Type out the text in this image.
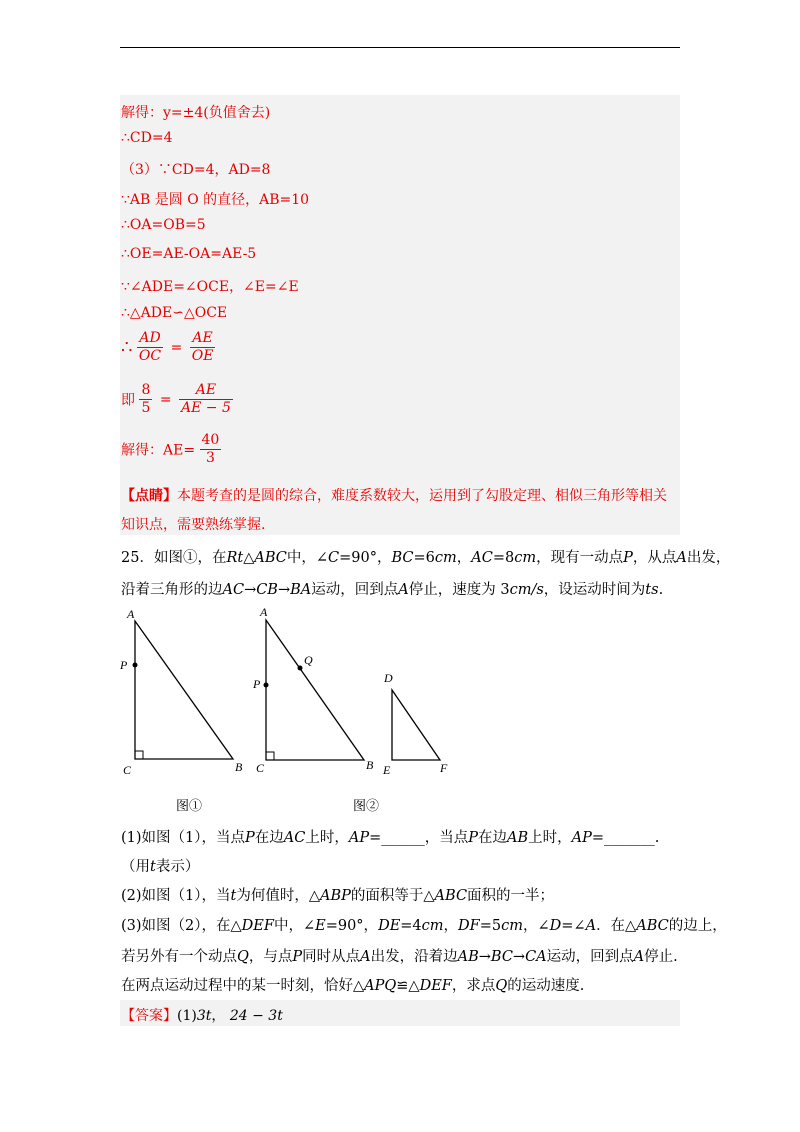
解得：y=±4(负值舍去)
∴CD=4
（3）∵CD=4，AD=8
∵AB 是圆 O 的直径，AB=10
∴OA=OB=5
∴OE=AE-OA=AE-5
∵∠ADE=∠OCE，∠E=∠E
∴△ADE∽△OCE
∴ $\frac{AD}{OC} = \frac{AE}{OE}$
即 $\frac{8}{5} = \frac{AE}{AE - 5}$
解得：$AE= \frac{40}{3}$
【点睛】本题考查的是圆的综合，难度系数较大，运用到了勾股定理、相似三角形等相关
知识点，需要熟练掌握.
25．如图①，在Rt△ABC中，∠C=90°，BC=6cm，AC=8cm，现有一动点P，从点A出发，
沿着三角形的边AC→CB→BA运动，回到点A停止，速度为 3cm/s，设运动时间为ts.
A
P
C	B
A
P
Q
C	B
D
E	F
图①	图②
(1)如图（1），当点P在边AC上时，AP=______，当点P在边AB上时，AP=_______.
（用t表示）
(2)如图（1），当t为何值时，△ABP的面积等于△ABC面积的一半；
(3)如图（2），在△DEF中，∠E=90°，DE=4cm，DF=5cm，∠D=∠A．在△ABC的边上，
若另外有一个动点Q，与点P同时从点A出发，沿着边AB→BC→CA运动，回到点A停止.
在两点运动过程中的某一时刻，恰好△APQ≌△DEF，求点Q的运动速度.
【答案】(1)3t， 24 − 3t
